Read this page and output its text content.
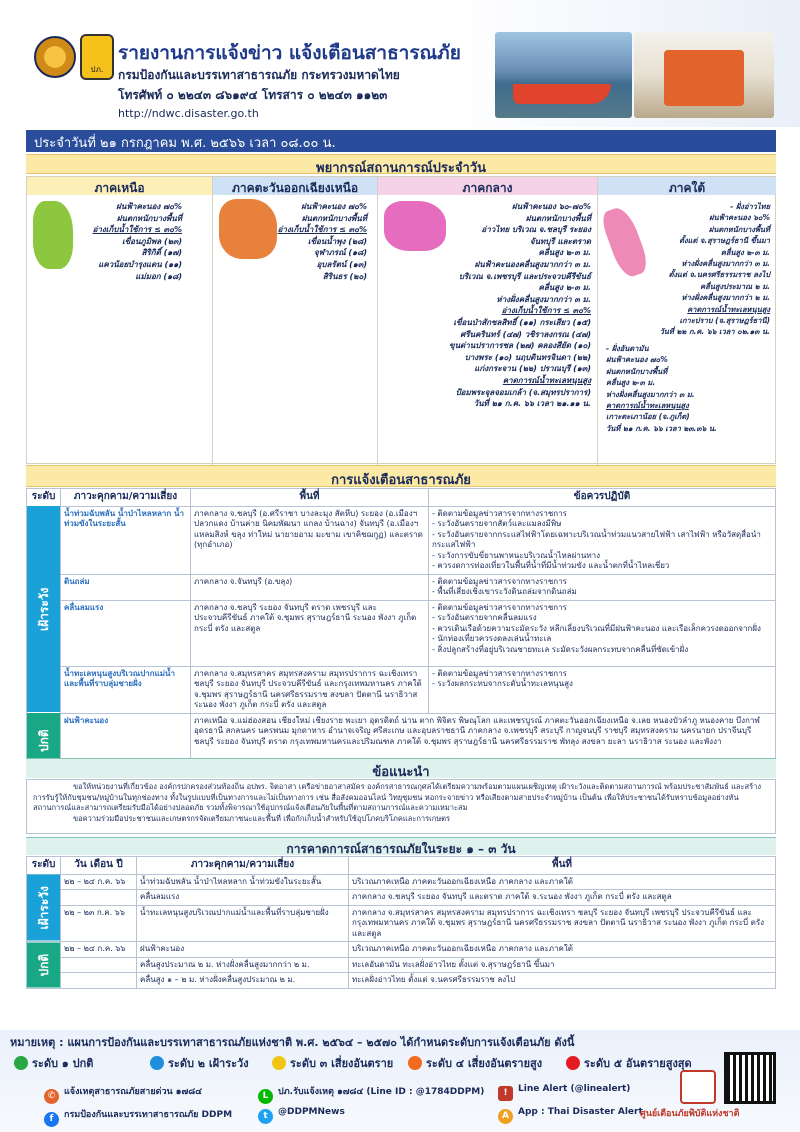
ปภ.
รายงานการแจ้งข่าว แจ้งเตือนสาธารณภัย
กรมป้องกันและบรรเทาสาธารณภัย กระทรวงมหาดไทย
โทรศัพท์ ๐ ๒๒๔๓ ๘๖๑๙๔ โทรสาร ๐ ๒๒๔๓ ๑๑๒๓
http://ndwc.disaster.go.th
ประจำวันที่ ๒๑ กรกฎาคม พ.ศ. ๒๕๖๖ เวลา ๐๘.๐๐ น.
พยากรณ์สถานการณ์ประจำวัน
ภาคเหนือ
ฝนฟ้าคะนอง ๗๐%
ฝนตกหนักบางพื้นที่
อ่างเก็บน้ำใช้การ ≤ ๓๐%
เขื่อนภูมิพล (๒๓)
สิริกิติ์ (๑๗)
แควน้อยบำรุงแดน (๑๑)
แม่มอก (๑๘)
ภาคตะวันออกเฉียงเหนือ
ฝนฟ้าคะนอง ๗๐%
ฝนตกหนักบางพื้นที่
อ่างเก็บน้ำใช้การ ≤ ๓๐%
เขื่อนน้ำพุง (๒๘)
จุฬาภรณ์ (๑๘)
อุบลรัตน์ (๑๓)
สิรินธร (๒๐)
ภาคกลาง
ฝนฟ้าคะนอง ๖๐-๗๐%
ฝนตกหนักบางพื้นที่
อ่าวไทย บริเวณ จ.ชลบุรี ระยอง
จันทบุรี และตราด
คลื่นสูง ๒-๓ ม.
ฝนฟ้าคะนองคลื่นสูงมากกว่า ๓ ม.
บริเวณ จ.เพชรบุรี และประจวบคีรีขันธ์
คลื่นสูง ๒-๓ ม.
ห่างฝั่งคลื่นสูงมากกว่า ๓ ม.
อ่างเก็บน้ำใช้การ ≤ ๓๐%
เขื่อนป่าสักชลสิทธิ์ (๑๑) กระเสียว (๑๕)
ศรีนครินทร์ (๔๗) วชิราลงกรณ (๔๗)
ขุนด่านปราการชล (๒๗) คลองสียัด (๑๐)
บางพระ (๑๐) นฤบดินทรจินดา (๒๒)
แก่งกระจาน (๒๒) ปราณบุรี (๑๓)
คาดการณ์น้ำทะเลหนุนสูง
ป้อมพระจุลจอมเกล้า (จ.สมุทรปราการ)
วันที่ ๒๑ ก.ค. ๖๖ เวลา ๒๑.๑๑ น.
ภาคใต้
- ฝั่งอ่าวไทย
ฝนฟ้าคะนอง ๖๐%
ฝนตกหนักบางพื้นที่
ตั้งแต่ จ.สุราษฎร์ธานี ขึ้นมา
คลื่นสูง ๒-๓ ม.
ห่างฝั่งคลื่นสูงมากกว่า ๓ ม.
ตั้งแต่ จ.นครศรีธรรมราช ลงไป
คลื่นสูงประมาณ ๒ ม.
ห่างฝั่งคลื่นสูงมากกว่า ๒ ม.
คาดการณ์น้ำทะเลหนุนสูง
เกาะปราบ (จ.สุราษฎร์ธานี)
วันที่ ๒๒ ก.ค. ๖๖ เวลา ๐๒.๑๓ น.
- ฝั่งอันดามัน
ฝนฟ้าคะนอง ๗๐%
ฝนตกหนักบางพื้นที่
คลื่นสูง ๒-๓ ม.
ห่างฝั่งคลื่นสูงมากกว่า ๓ ม.
คาดการณ์น้ำทะเลหนุนสูง
เกาะตะเภาน้อย (จ.ภูเก็ต)
วันที่ ๒๑ ก.ค. ๖๖ เวลา ๒๓.๓๖ น.
การแจ้งเตือนสาธารณภัย
ระดับ	ภาวะคุกคาม/ความเสี่ยง	พื้นที่	ข้อควรปฏิบัติ
เฝ้าระวัง	น้ำท่วมฉับพลัน น้ำป่าไหลหลาก น้ำท่วมขังในระยะสั้น	ภาคกลาง จ.ชลบุรี (อ.ศรีราชา บางละมุง สัตหีบ) ระยอง (อ.เมืองฯ ปลวกแดง บ้านค่าย นิคมพัฒนา แกลง บ้านฉาง) จันทบุรี (อ.เมืองฯ แหลมสิงห์ ขลุง ท่าใหม่ นายายอาม มะขาม เขาคิชฌกูฏ) และตราด (ทุกอำเภอ)	- ติดตามข้อมูลข่าวสารจากทางราชการ
- ระวังอันตรายจากสัตว์และแมลงมีพิษ
- ระวังอันตรายจากกระแสไฟฟ้าโดยเฉพาะบริเวณน้ำท่วมแนวสายไฟฟ้า เสาไฟฟ้า หรือวัสดุสื่อนำกระแสไฟฟ้า
- ระวังการขับขี่ยานพาหนะบริเวณน้ำไหลผ่านทาง
- ควรงดการท่องเที่ยวในพื้นที่น้ำที่มีน้ำท่วมขัง และน้ำตกที่น้ำไหลเชี่ยว

	ดินถล่ม	ภาคกลาง จ.จันทบุรี (อ.ขลุง)	- ติดตามข้อมูลข่าวสารจากทางราชการ
- พื้นที่เสี่ยงเชิงเขาระวังดินถล่มจากดินถล่ม

	คลื่นลมแรง	ภาคกลาง จ.ชลบุรี ระยอง จันทบุรี ตราด เพชรบุรี และประจวบคีรีขันธ์ ภาคใต้ จ.ชุมพร สุราษฎร์ธานี ระนอง พังงา ภูเก็ต กระบี่ ตรัง และสตูล	- ติดตามข้อมูลข่าวสารจากทางราชการ
- ระวังอันตรายจากคลื่นลมแรง
- ควรเดินเรือด้วยความระมัดระวัง หลีกเลี่ยงบริเวณที่มีฝนฟ้าคะนอง และเรือเล็กควรงดออกจากฝั่ง
- นักท่องเที่ยวควรงดลงเล่นน้ำทะเล
- สิ่งปลูกสร้างที่อยู่บริเวณชายทะเล ระมัดระวังผลกระทบจากคลื่นที่ซัดเข้าฝั่ง

	น้ำทะเลหนุนสูงบริเวณปากแม่น้ำ และพื้นที่ราบลุ่มชายฝั่ง	ภาคกลาง จ.สมุทรสาคร สมุทรสงคราม สมุทรปราการ ฉะเชิงเทรา ชลบุรี ระยอง จันทบุรี ประจวบคีรีขันธ์ และกรุงเทพมหานคร ภาคใต้ จ.ชุมพร สุราษฎร์ธานี นครศรีธรรมราช สงขลา ปัตตานี นราธิวาส ระนอง พังงา ภูเก็ต กระบี่ ตรัง และสตูล	- ติดตามข้อมูลข่าวสารจากทางราชการ
- ระวังผลกระทบจากระดับน้ำทะเลหนุนสูง

ปกติ	ฝนฟ้าคะนอง	ภาคเหนือ จ.แม่ฮ่องสอน เชียงใหม่ เชียงราย พะเยา อุตรดิตถ์ น่าน ตาก พิจิตร พิษณุโลก และเพชรบูรณ์ ภาคตะวันออกเฉียงเหนือ จ.เลย หนองบัวลำภู หนองคาย บึงกาฬ อุดรธานี สกลนคร นครพนม มุกดาหาร อำนาจเจริญ ศรีสะเกษ และอุบลราชธานี ภาคกลาง จ.เพชรบุรี สระบุรี กาญจนบุรี ราชบุรี สมุทรสงคราม นครนายก ปราจีนบุรี ชลบุรี ระยอง จันทบุรี ตราด กรุงเทพมหานครและปริมณฑล ภาคใต้ จ.ชุมพร สุราษฎร์ธานี นครศรีธรรมราช พัทลุง สงขลา ยะลา นราธิวาส ระนอง และพังงา	
ข้อแนะนำ
ขอให้หน่วยงานที่เกี่ยวข้อง องค์กรปกครองส่วนท้องถิ่น อปพร. จิตอาสา เครือข่ายอาสาสมัคร องค์กรสาธารณกุศลได้เตรียมความพร้อมตามแผนเผชิญเหตุ เฝ้าระวังและติดตามสถานการณ์ พร้อมประชาสัมพันธ์ และสร้างการรับรู้ให้กับชุมชน/หมู่บ้านในทุกช่องทาง ทั้งในรูปแบบที่เป็นทางการและไม่เป็นทางการ เช่น สื่อสังคมออนไลน์ วิทยุชุมชน หอกระจายข่าว หรือเสียงตามสายประจำหมู่บ้าน เป็นต้น เพื่อให้ประชาชนได้รับทราบข้อมูลอย่างทันสถานการณ์และสามารถเตรียมรับมือได้อย่างปลอดภัย รวมทั้งพิจารณาใช้อุปกรณ์แจ้งเตือนภัยในพื้นที่ตามสถานการณ์และความเหมาะสม
ขอความร่วมมือประชาชนและเกษตรกรจัดเตรียมภาชนะและพื้นที่ เพื่อกักเก็บน้ำสำหรับใช้อุปโภคบริโภคและการเกษตร
การคาดการณ์สาธารณภัยในระยะ ๑ – ๓ วัน
ระดับ	วัน เดือน ปี	ภาวะคุกคาม/ความเสี่ยง	พื้นที่
เฝ้าระวัง	๒๒ – ๒๔ ก.ค. ๖๖	น้ำท่วมฉับพลัน น้ำป่าไหลหลาก น้ำท่วมขังในระยะสั้น	บริเวณภาคเหนือ ภาคตะวันออกเฉียงเหนือ ภาคกลาง และภาคใต้
		คลื่นลมแรง	ภาคกลาง จ.ชลบุรี ระยอง จันทบุรี และตราด ภาคใต้ จ.ระนอง พังงา ภูเก็ต กระบี่ ตรัง และสตูล
	๒๒ – ๒๓ ก.ค. ๖๖	น้ำทะเลหนุนสูงบริเวณปากแม่น้ำและพื้นที่ราบลุ่มชายฝั่ง	ภาคกลาง จ.สมุทรสาคร สมุทรสงคราม สมุทรปราการ ฉะเชิงเทรา ชลบุรี ระยอง จันทบุรี เพชรบุรี ประจวบคีรีขันธ์ และกรุงเทพมหานคร ภาคใต้ จ.ชุมพร สุราษฎร์ธานี นครศรีธรรมราช สงขลา ปัตตานี นราธิวาส ระนอง พังงา ภูเก็ต กระบี่ ตรัง และสตูล
ปกติ	๒๒ – ๒๔ ก.ค. ๖๖	ฝนฟ้าคะนอง	บริเวณภาคเหนือ ภาคตะวันออกเฉียงเหนือ ภาคกลาง และภาคใต้
		คลื่นสูงประมาณ ๒ ม. ห่างฝั่งคลื่นสูงมากกว่า ๒ ม.	ทะเลอันดามัน ทะเลฝั่งอ่าวไทย ตั้งแต่ จ.สุราษฎร์ธานี ขึ้นมา
		คลื่นสูง ๑ – ๒ ม. ห่างฝั่งคลื่นสูงประมาณ ๒ ม.	ทะเลฝั่งอ่าวไทย ตั้งแต่ จ.นครศรีธรรมราช ลงไป
หมายเหตุ : แผนการป้องกันและบรรเทาสาธารณภัยแห่งชาติ พ.ศ. ๒๕๖๔ – ๒๕๗๐ ได้กำหนดระดับการแจ้งเตือนภัย ดังนี้
ระดับ ๑ ปกติ	ระดับ ๒ เฝ้าระวัง	ระดับ ๓ เสี่ยงอันตราย	ระดับ ๔ เสี่ยงอันตรายสูง	ระดับ ๕ อันตรายสูงสุด
✆ แจ้งเหตุสาธารณภัยสายด่วน ๑๗๘๔	L ปภ.รับแจ้งเหตุ ๑๗๘๔ (Line ID : @1784DDPM)	! Line Alert (@linealert)
f กรมป้องกันและบรรเทาสาธารณภัย DDPM	t @DDPMNews	A App : Thai Disaster Alert
ศูนย์เตือนภัยพิบัติแห่งชาติ
